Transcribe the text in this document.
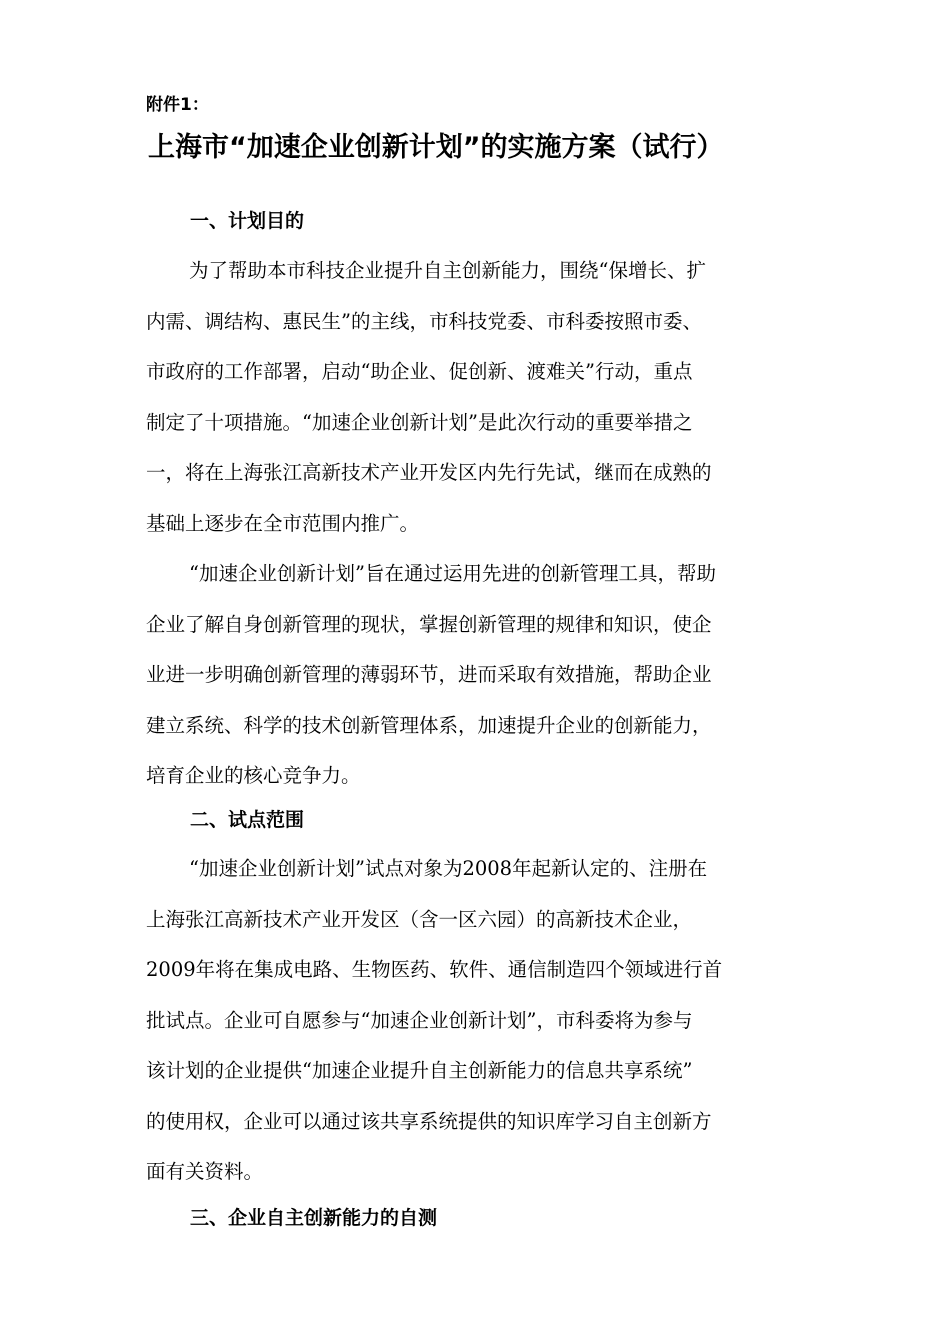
附件1：
上海市“加速企业创新计划”的实施方案（试行）
一、计划目的
为了帮助本市科技企业提升自主创新能力，围绕“保增长、扩
内需、调结构、惠民生”的主线，市科技党委、市科委按照市委、
市政府的工作部署，启动“助企业、促创新、渡难关”行动，重点
制定了十项措施。“加速企业创新计划”是此次行动的重要举措之
一，将在上海张江高新技术产业开发区内先行先试，继而在成熟的
基础上逐步在全市范围内推广。
“加速企业创新计划”旨在通过运用先进的创新管理工具，帮助
企业了解自身创新管理的现状，掌握创新管理的规律和知识，使企
业进一步明确创新管理的薄弱环节，进而采取有效措施，帮助企业
建立系统、科学的技术创新管理体系，加速提升企业的创新能力，
培育企业的核心竞争力。
二、试点范围
“加速企业创新计划”试点对象为2008年起新认定的、注册在
上海张江高新技术产业开发区（含一区六园）的高新技术企业，
2009年将在集成电路、生物医药、软件、通信制造四个领域进行首
批试点。企业可自愿参与“加速企业创新计划”，市科委将为参与
该计划的企业提供“加速企业提升自主创新能力的信息共享系统”
的使用权，企业可以通过该共享系统提供的知识库学习自主创新方
面有关资料。
三、企业自主创新能力的自测
